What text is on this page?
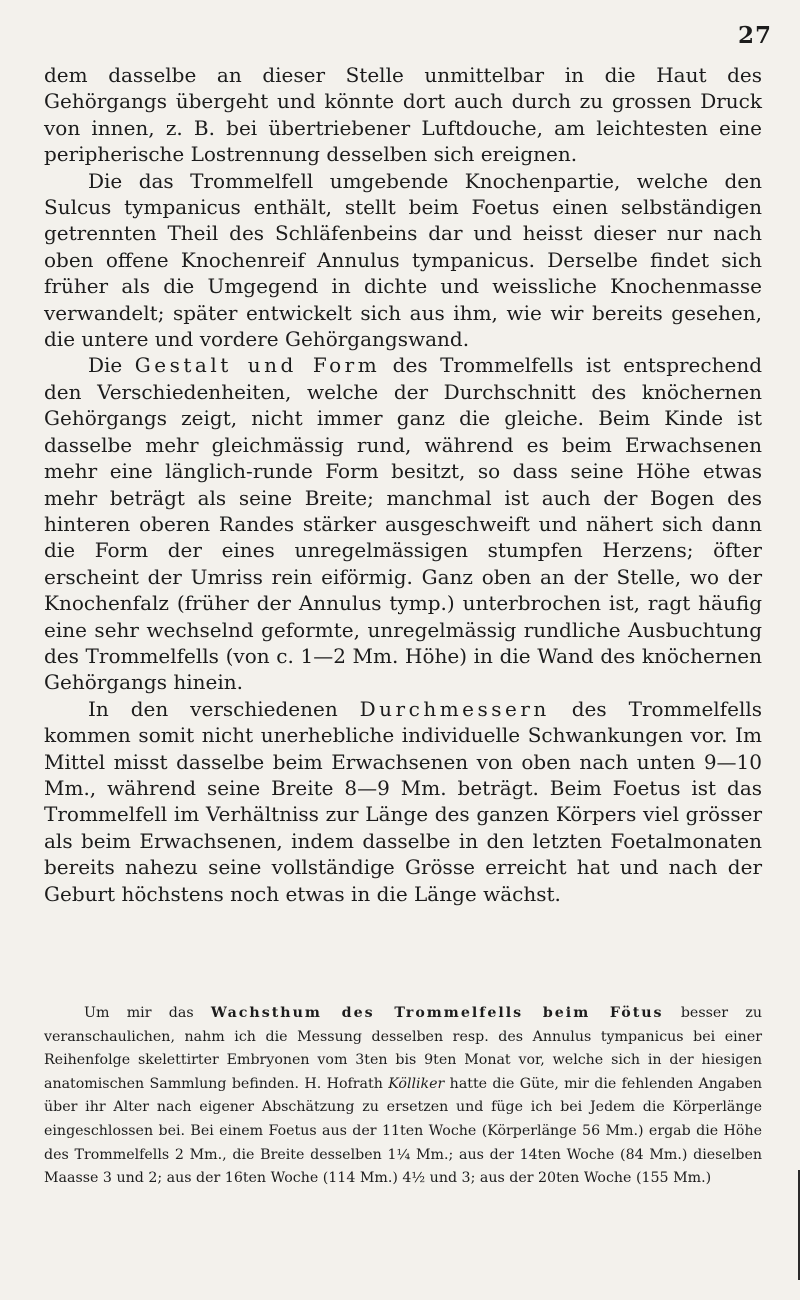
27

dem dasselbe an dieser Stelle unmittelbar in die Haut des Gehörgangs übergeht und könnte dort auch durch zu grossen Druck von innen, z. B. bei übertriebener Luftdouche, am leichtesten eine peripherische Lostrennung desselben sich ereignen.

Die das Trommelfell umgebende Knochenpartie, welche den Sulcus tympanicus enthält, stellt beim Foetus einen selbständigen getrennten Theil des Schläfenbeins dar und heisst dieser nur nach oben offene Knochenreif Annulus tympanicus. Derselbe findet sich früher als die Umgegend in dichte und weissliche Knochenmasse verwandelt; später entwickelt sich aus ihm, wie wir bereits gesehen, die untere und vordere Gehörgangswand.

Die Gestalt und Form des Trommelfells ist entsprechend den Verschiedenheiten, welche der Durchschnitt des knöchernen Gehörgangs zeigt, nicht immer ganz die gleiche. Beim Kinde ist dasselbe mehr gleichmässig rund, während es beim Erwachsenen mehr eine länglich-runde Form besitzt, so dass seine Höhe etwas mehr beträgt als seine Breite; manchmal ist auch der Bogen des hinteren oberen Randes stärker ausgeschweift und nähert sich dann die Form der eines unregelmässigen stumpfen Herzens; öfter erscheint der Umriss rein eiförmig. Ganz oben an der Stelle, wo der Knochenfalz (früher der Annulus tymp.) unterbrochen ist, ragt häufig eine sehr wechselnd geformte, unregelmässig rundliche Ausbuchtung des Trommelfells (von c. 1—2 Mm. Höhe) in die Wand des knöchernen Gehörgangs hinein.

In den verschiedenen Durchmessern des Trommelfells kommen somit nicht unerhebliche individuelle Schwankungen vor. Im Mittel misst dasselbe beim Erwachsenen von oben nach unten 9—10 Mm., während seine Breite 8—9 Mm. beträgt. Beim Foetus ist das Trommelfell im Verhältniss zur Länge des ganzen Körpers viel grösser als beim Erwachsenen, indem dasselbe in den letzten Foetalmonaten bereits nahezu seine vollständige Grösse erreicht hat und nach der Geburt höchstens noch etwas in die Länge wächst.

Um mir das Wachsthum des Trommelfells beim Fötus besser zu veranschaulichen, nahm ich die Messung desselben resp. des Annulus tympanicus bei einer Reihenfolge skelettirter Embryonen vom 3ten bis 9ten Monat vor, welche sich in der hiesigen anatomischen Sammlung befinden. H. Hofrath Kölliker hatte die Güte, mir die fehlenden Angaben über ihr Alter nach eigener Abschätzung zu ersetzen und füge ich bei Jedem die Körperlänge eingeschlossen bei. Bei einem Foetus aus der 11ten Woche (Körperlänge 56 Mm.) ergab die Höhe des Trommelfells 2 Mm., die Breite desselben 1¼ Mm.; aus der 14ten Woche (84 Mm.) dieselben Maasse 3 und 2; aus der 16ten Woche (114 Mm.) 4½ und 3; aus der 20ten Woche (155 Mm.)
